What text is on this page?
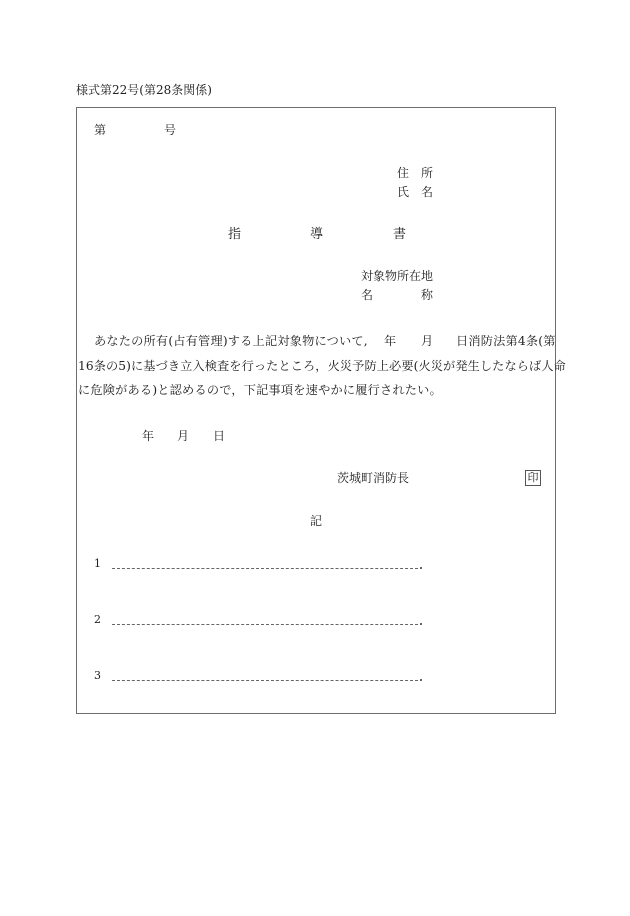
様式第22号(第28条関係)
第	号
住 所
氏 名
指	導	書
対象物所在地
名	称
あなたの所有(占有管理)する上記対象物について, 年 月 日消防法第4条(第
16条の5)に基づき立入検査を行ったところ，火災予防上必要(火災が発生したならば人命
に危険がある)と認めるので，下記事項を速やかに履行されたい。
年 月 日
茨城町消防長	印
記
1
2
3
